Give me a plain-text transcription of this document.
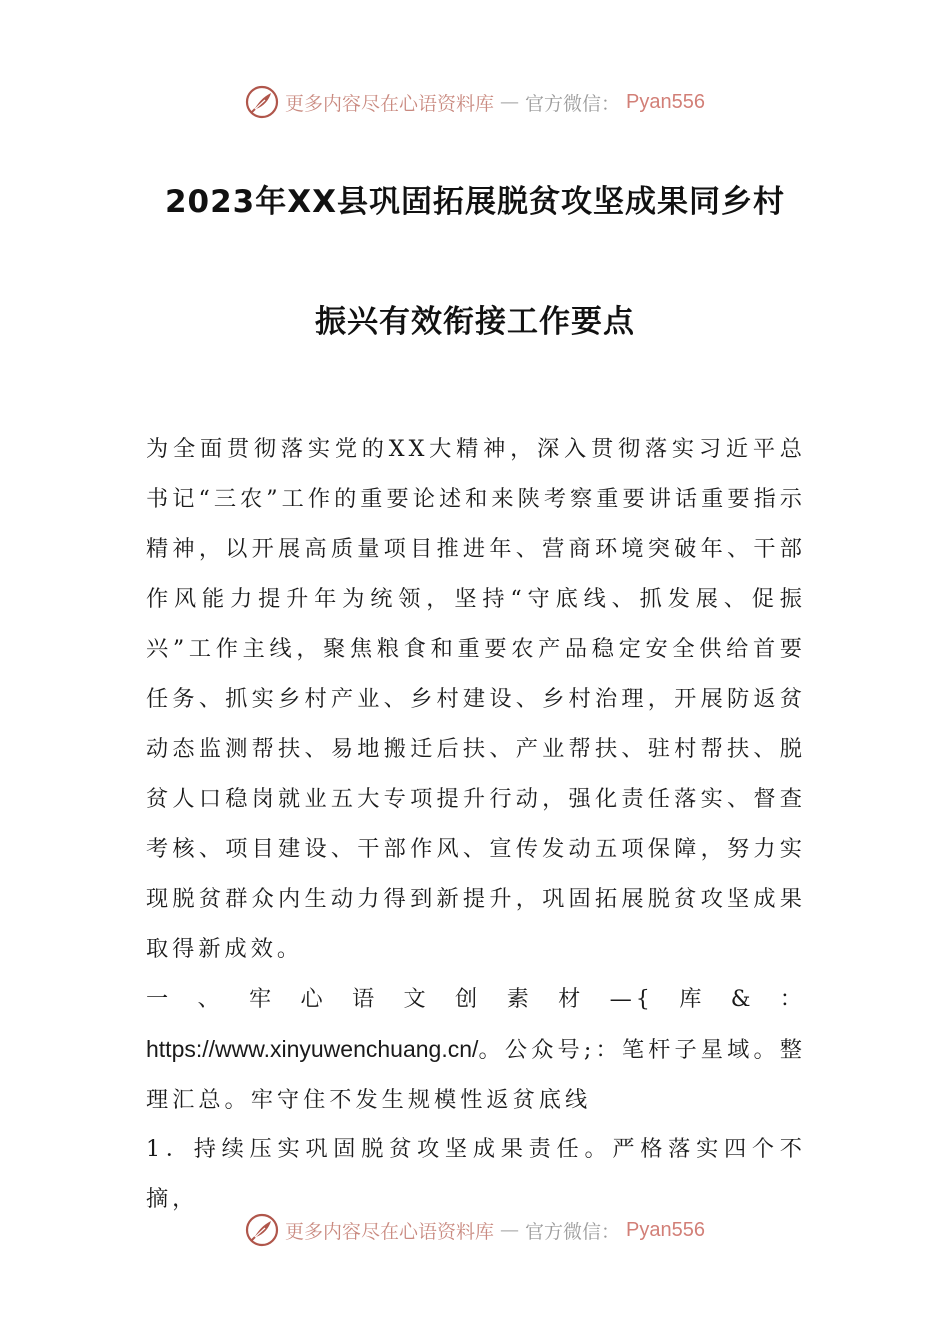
更多内容尽在心语资料库 — 官方微信： Pyan556
2023年XX县巩固拓展脱贫攻坚成果同乡村
振兴有效衔接工作要点

为全面贯彻落实党的XX大精神，深入贯彻落实习近平总书记“三农”工作的重要论述和来陕考察重要讲话重要指示精神，以开展高质量项目推进年、营商环境突破年、干部作风能力提升年为统领，坚持“守底线、抓发展、促振兴”工作主线，聚焦粮食和重要农产品稳定安全供给首要任务、抓实乡村产业、乡村建设、乡村治理，开展防返贫动态监测帮扶、易地搬迁后扶、产业帮扶、驻村帮扶、脱贫人口稳岗就业五大专项提升行动，强化责任落实、督查考核、项目建设、干部作风、宣传发动五项保障，努力实现脱贫群众内生动力得到新提升，巩固拓展脱贫攻坚成果取得新成效。

一、牢心语文创素材—{库&： https://www.xinyuwenchuang.cn/。公众号;：笔杆子星域。整理汇总。牢守住不发生规模性返贫底线

1．持续压实巩固脱贫攻坚成果责任。严格落实四个不摘，

更多内容尽在心语资料库 — 官方微信： Pyan556
